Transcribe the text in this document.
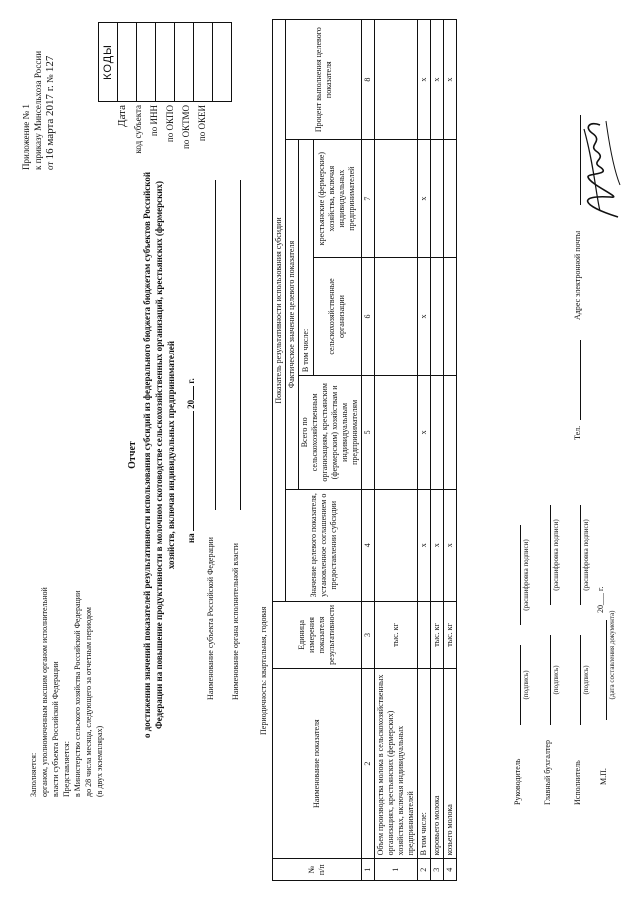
Приложение № 1 к приказу Минсельхоза России от 16 марта 2017 г. № 127
Заполняется: органом, уполномоченным высшим органом исполнительной власти субъекта Российской Федерации Представляется: в Министерство сельского хозяйства Российской Федерации до 28 числа месяца, следующего за отчетным периодом (в двух экземплярах)
Дата код субъекта по ИНН по ОКПО по ОКТМО по ОКЕИ
КОДЫ

Отчет о достижении значений показателей результативности использования субсидий из федерального бюджета бюджетам субъектов Российской Федерации на повышение продуктивности в молочном скотоводстве сельскохозяйственных организаций, крестьянских (фермерских) хозяйств, включая индивидуальных предпринимателей	на  20 г.
Наименование субъекта Российской Федерации Наименование органа исполнительной власти Периодичность: квартальная, годовая
№ п/п	Наименование показателя	Единица измерения показателя результативности	Показатель результативности использования субсидии				
			Значение целевого показателя, установленное соглашением о предоставлении субсидии	Фактическое значение целевого показателя			Процент выполнения целевого показателя
				Всего по сельскохозяйственным организациям, крестьянским (фермерским) хозяйствам и индивидуальным предпринимателям	В том числе:		
					сельскохозяйственные организации	крестьянские (фермерские) хозяйства, включая индивидуальных предпринимателей	
1	2	3	4	5	6	7	8
1	Объем производства молока в сельскохозяйственных организациях, крестьянских (фермерских) хозяйствах, включая индивидуальных предпринимателей	тыс. кг					
2	В том числе:		x	x	x	x	x
3	коровьего молока	тыс. кг	x				x
4	козьего молока	тыс. кг	x				x
Руководитель
(подпись)
(расшифровка подписи)
Главный бухгалтер
(подпись)
(расшифровка подписи)
Исполнитель
(подпись)
(расшифровка подписи)
М.П.
20___ г.
(дата составления документа)
Тел.
Адрес электронной почты
